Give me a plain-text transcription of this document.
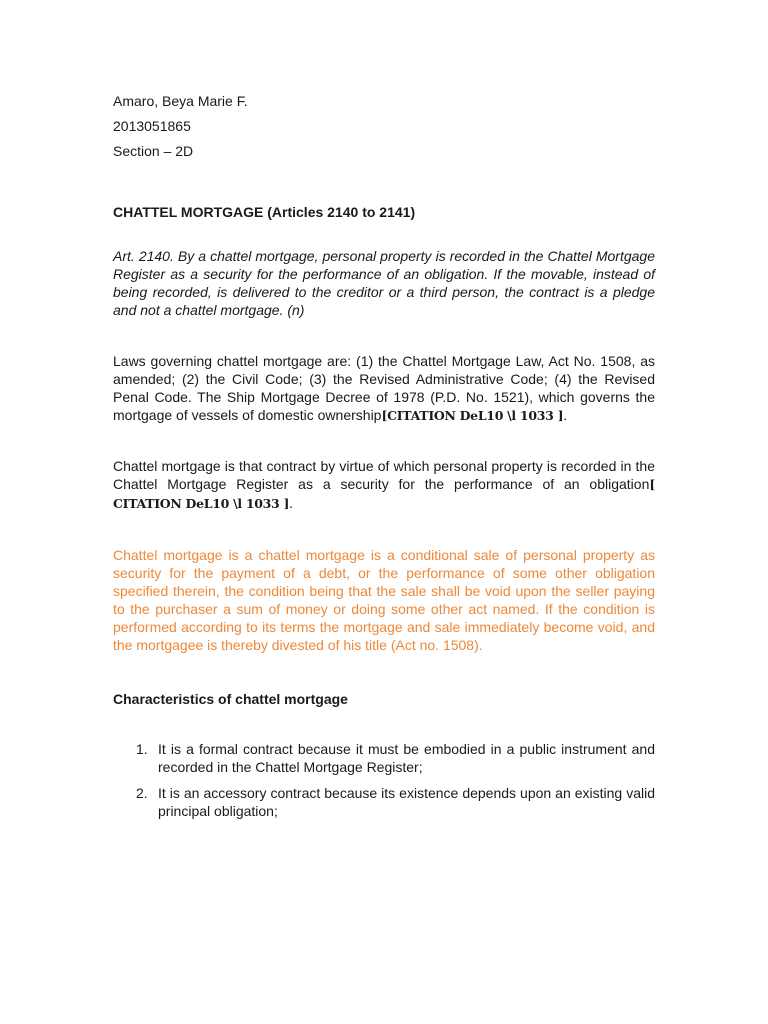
Amaro, Beya Marie F.
2013051865
Section – 2D
CHATTEL MORTGAGE (Articles 2140 to 2141)

Art. 2140. By a chattel mortgage, personal property is recorded in the Chattel Mortgage Register as a security for the performance of an obligation. If the movable, instead of being recorded, is delivered to the creditor or a third person, the contract is a pledge and not a chattel mortgage. (n)

Laws governing chattel mortgage are: (1) the Chattel Mortgage Law, Act No. 1508, as amended; (2) the Civil Code; (3) the Revised Administrative Code; (4) the Revised Penal Code. The Ship Mortgage Decree of 1978 (P.D. No. 1521), which governs the mortgage of vessels of domestic ownership[CITATION DeL10 \l 1033 ].

Chattel mortgage is that contract by virtue of which personal property is recorded in the Chattel Mortgage Register as a security for the performance of an obligation[ CITATION DeL10 \l 1033 ].

Chattel mortgage is a chattel mortgage is a conditional sale of personal property as security for the payment of a debt, or the performance of some other obligation specified therein, the condition being that the sale shall be void upon the seller paying to the purchaser a sum of money or doing some other act named. If the condition is performed according to its terms the mortgage and sale immediately become void, and the mortgagee is thereby divested of his title (Act no. 1508).

Characteristics of chattel mortgage
1. It is a formal contract because it must be embodied in a public instrument and recorded in the Chattel Mortgage Register;
2. It is an accessory contract because its existence depends upon an existing valid principal obligation;
